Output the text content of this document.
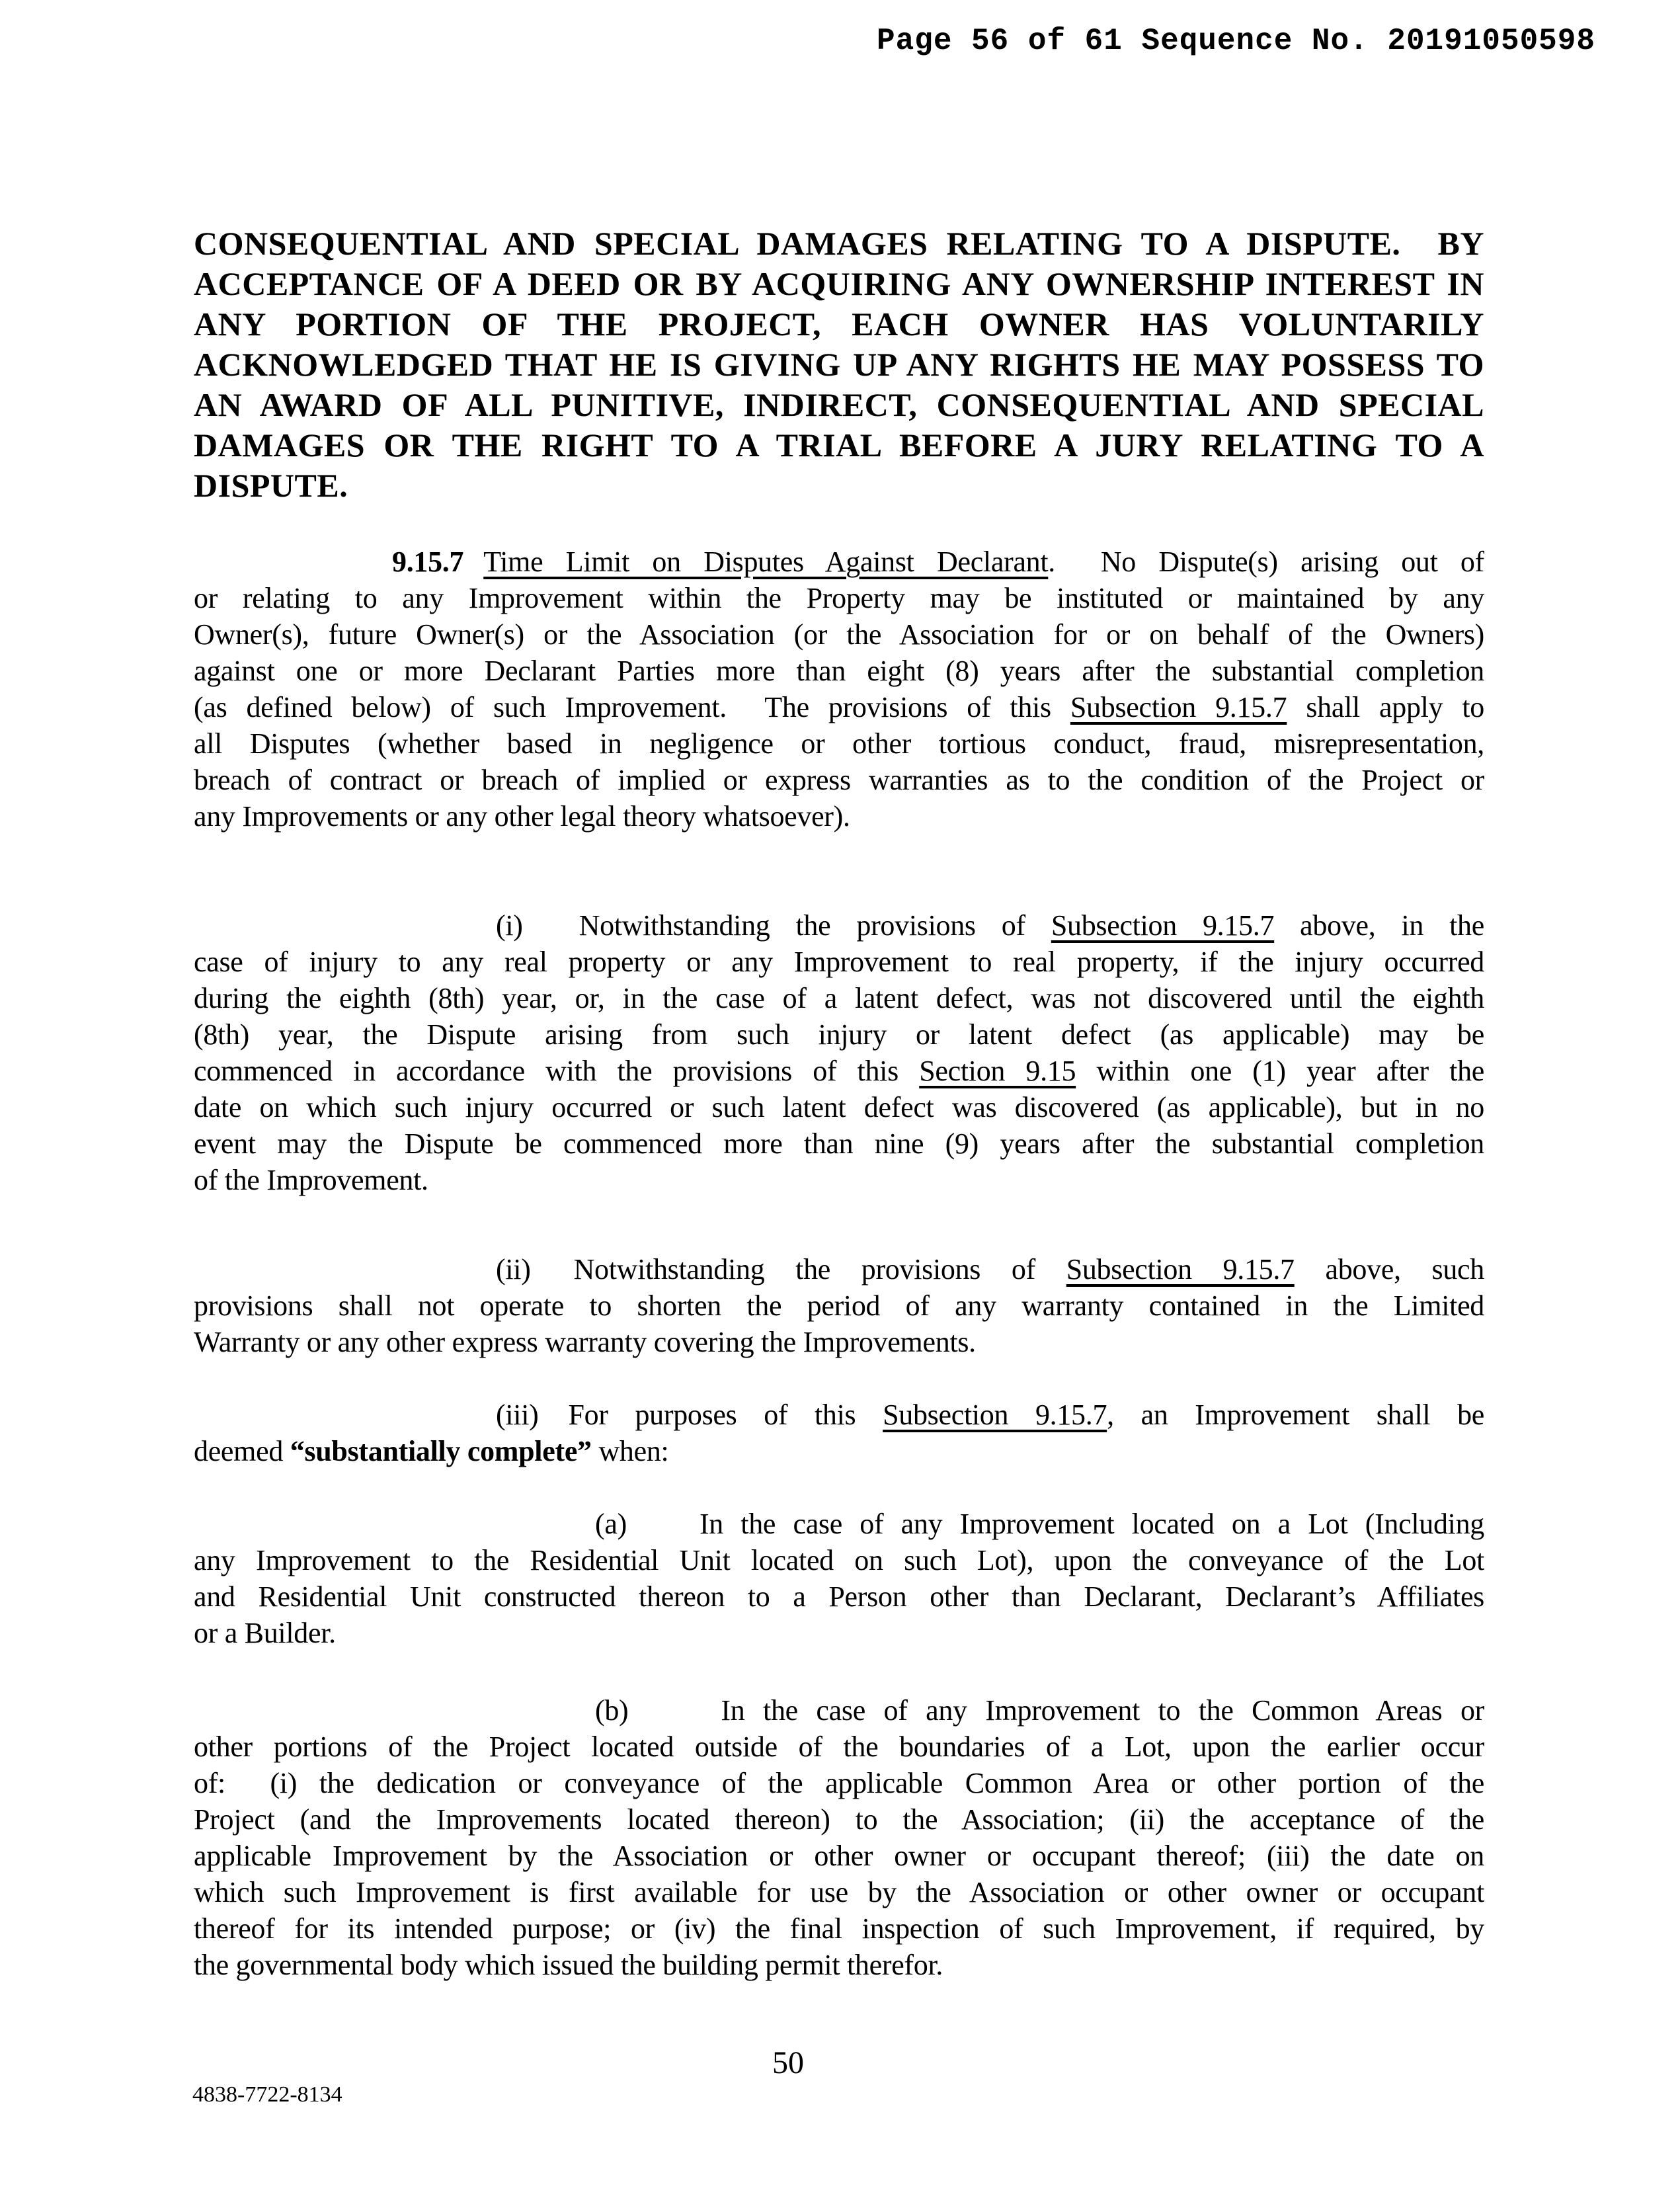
Page 56 of 61 Sequence No. 20191050598
CONSEQUENTIAL AND SPECIAL DAMAGES RELATING TO A DISPUTE.  BY
ACCEPTANCE OF A DEED OR BY ACQUIRING ANY OWNERSHIP INTEREST IN
ANY PORTION OF THE PROJECT, EACH OWNER HAS VOLUNTARILY
ACKNOWLEDGED THAT HE IS GIVING UP ANY RIGHTS HE MAY POSSESS TO
AN AWARD OF ALL PUNITIVE, INDIRECT, CONSEQUENTIAL AND SPECIAL
DAMAGES OR THE RIGHT TO A TRIAL BEFORE A JURY RELATING TO A
DISPUTE.
9.15.7 Time Limit on Disputes Against Declarant.  No Dispute(s) arising out of
or relating to any Improvement within the Property may be instituted or maintained by any
Owner(s), future Owner(s) or the Association (or the Association for or on behalf of the Owners)
against one or more Declarant Parties more than eight (8) years after the substantial completion
(as defined below) of such Improvement.  The provisions of this Subsection 9.15.7 shall apply to
all Disputes (whether based in negligence or other tortious conduct, fraud, misrepresentation,
breach of contract or breach of implied or express warranties as to the condition of the Project or
any Improvements or any other legal theory whatsoever).
(i) Notwithstanding the provisions of Subsection 9.15.7 above, in the
case of injury to any real property or any Improvement to real property, if the injury occurred
during the eighth (8th) year, or, in the case of a latent defect, was not discovered until the eighth
(8th) year, the Dispute arising from such injury or latent defect (as applicable) may be
commenced in accordance with the provisions of this Section 9.15 within one (1) year after the
date on which such injury occurred or such latent defect was discovered (as applicable), but in no
event may the Dispute be commenced more than nine (9) years after the substantial completion
of the Improvement.
(ii) Notwithstanding the provisions of Subsection 9.15.7 above, such
provisions shall not operate to shorten the period of any warranty contained in the Limited
Warranty or any other express warranty covering the Improvements.
(iii) For purposes of this Subsection 9.15.7, an Improvement shall be
deemed “substantially complete” when:
(a)	In the case of any Improvement located on a Lot (Including
any Improvement to the Residential Unit located on such Lot), upon the conveyance of the Lot
and Residential Unit constructed thereon to a Person other than Declarant, Declarant’s Affiliates
or a Builder.
(b)	In the case of any Improvement to the Common Areas or
other portions of the Project located outside of the boundaries of a Lot, upon the earlier occur
of:  (i) the dedication or conveyance of the applicable Common Area or other portion of the
Project (and the Improvements located thereon) to the Association; (ii) the acceptance of the
applicable Improvement by the Association or other owner or occupant thereof; (iii) the date on
which such Improvement is first available for use by the Association or other owner or occupant
thereof for its intended purpose; or (iv) the final inspection of such Improvement, if required, by
the governmental body which issued the building permit therefor.
50
4838-7722-8134
